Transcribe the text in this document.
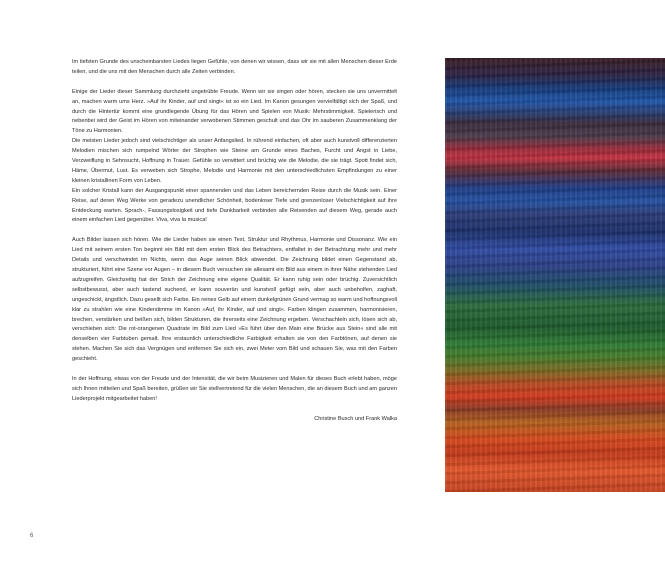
Im tiefsten Grunde des unscheinbarsten Liedes liegen Gefühle, von denen wir wissen, dass wir sie mit allen Menschen dieser Erde teilen, und die uns mit den Menschen durch alle Zeiten verbinden.

Einige der Lieder dieser Sammlung durchzieht ungetrübte Freude. Wenn wir sie singen oder hören, stecken sie uns unvermittelt an, machen warm ums Herz. »Auf ihr Kinder, auf und singt« ist so ein Lied. Im Kanon gesungen vervielfältigt sich der Spaß, und durch die Hintertür kommt eine grundlegende Übung für das Hören und Spielen von Musik: Mehrstimmigkeit. Spielerisch und nebenbei wird der Geist im Hören von miteinander verwobenen Stimmen geschult und das Ohr im sauberen Zusammenklang der Töne zu Harmonien.
Die meisten Lieder jedoch sind vielschichtiger als unser Anfangslied. In rührend einfachen, oft aber auch kunstvoll differenzierten Melodien mischen sich rumpelnd Wörter der Strophen wie Steine am Grunde eines Baches, Furcht und Angst in Liebe, Verzweiflung in Sehnsucht, Hoffnung in Trauer. Gefühle so verwittert und brüchig wie die Melodie, die sie trägt. Spott findet sich, Häme, Übermut, Lust. Es verweben sich Strophe, Melodie und Harmonie mit den unterschiedlichsten Empfindungen zu einer kleinen kristallinen Form von Leben.
Ein solcher Kristall kann der Ausgangspunkt einer spannenden und das Leben bereichernden Reise durch die Musik sein. Einer Reise, auf deren Weg Werke von geradezu unendlicher Schönheit, bodenloser Tiefe und grenzenloser Vielschichtigkeit auf ihre Entdeckung warten. Sprach-, Fassungslosigkeit und tiefe Dankbarkeit verbinden alle Reisenden auf diesem Weg, gerade auch einem einfachen Lied gegenüber. Viva, viva la musica!

Auch Bilder lassen sich hören. Wie die Lieder haben sie einen Text, Struktur und Rhythmus, Harmonie und Dissonanz. Wie ein Lied mit seinem ersten Ton beginnt ein Bild mit dem ersten Blick des Betrachters, entfaltet in der Betrachtung mehr und mehr Details und verschwindet im Nichts, wenn das Auge seinen Blick abwendet. Die Zeichnung bildet einen Gegenstand ab, strukturiert, führt eine Szene vor Augen – in diesem Buch versuchen sie allesamt ein Bild aus einem in ihrer Nähe stehenden Lied aufzugreifen. Gleichzeitig hat der Strich der Zeichnung eine eigene Qualität. Er kann ruhig sein oder brüchig. Zuversichtlich selbstbewusst, aber auch tastend suchend, er kann souverän und kunstvoll gefügt sein, aber auch unbeholfen, zaghaft, ungeschickt, ängstlich. Dazu gesellt sich Farbe. Ein reines Gelb auf einem dunkelgrünen Grund vermag so warm und hoffnungsvoll klar zu strahlen wie eine Kinderstimme im Kanon »Auf, ihr Kinder, auf und singt«. Farben klingen zusammen, harmonisieren, brechen, verstärken und beißen sich, bilden Strukturen, die ihrerseits eine Zeichnung ergeben. Verschachteln sich, lösen sich ab, verschieben sich: Die rot-orangenen Quadrate im Bild zum Lied »Es führt über den Main eine Brücke aus Stein« sind alle mit denselben vier Farbtuben gemalt. Ihre erstaunlich unterschiedliche Farbigkeit erhalten sie von den Farbtönen, auf denen sie stehen. Machen Sie sich das Vergnügen und entfernen Sie sich ein, zwei Meter vom Bild und schauen Sie, was mit den Farben geschieht.

In der Hoffnung, etwas von der Freude und der Intensität, die wir beim Musizieren und Malen für dieses Buch erlebt haben, möge sich Ihnen mitteilen und Spaß bereiten, grüßen wir Sie stellvertretend für die vielen Menschen, die an diesem Buch und am ganzen Liederprojekt mitgearbeitet haben!

Christine Busch und Frank Walka

6
